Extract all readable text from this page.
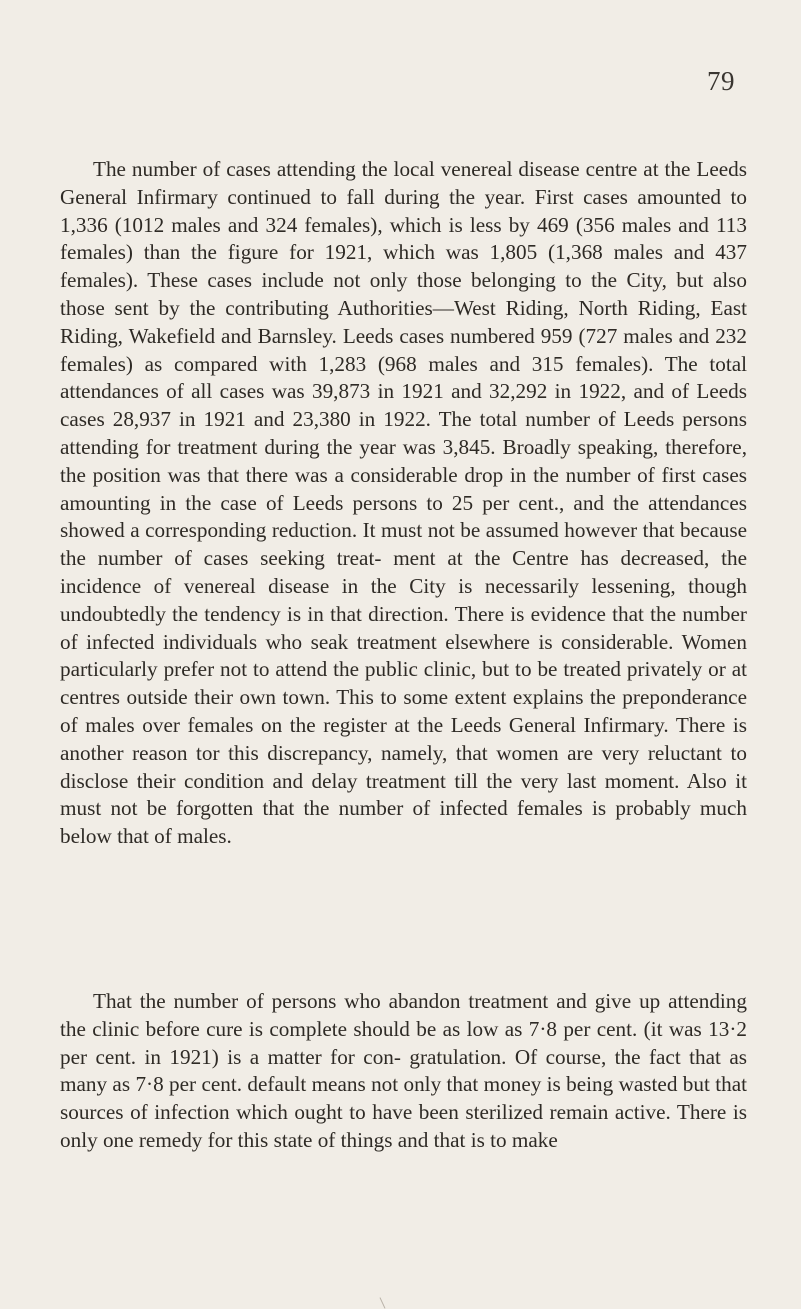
79

The number of cases attending the local venereal disease centre at the Leeds General Infirmary continued to fall during the year. First cases amounted to 1,336 (1012 males and 324 females), which is less by 469 (356 males and 113 females) than the figure for 1921, which was 1,805 (1,368 males and 437 females). These cases include not only those belonging to the City, but also those sent by the contributing Authorities—West Riding, North Riding, East Riding, Wakefield and Barnsley. Leeds cases numbered 959 (727 males and 232 females) as compared with 1,283 (968 males and 315 females). The total attendances of all cases was 39,873 in 1921 and 32,292 in 1922, and of Leeds cases 28,937 in 1921 and 23,380 in 1922. The total number of Leeds persons attending for treatment during the year was 3,845. Broadly speaking, therefore, the position was that there was a considerable drop in the number of first cases amounting in the case of Leeds persons to 25 per cent., and the attendances showed a corresponding reduction. It must not be assumed however that because the number of cases seeking treat- ment at the Centre has decreased, the incidence of venereal disease in the City is necessarily lessening, though undoubtedly the tendency is in that direction. There is evidence that the number of infected individuals who seak treatment elsewhere is considerable. Women particularly prefer not to attend the public clinic, but to be treated privately or at centres outside their own town. This to some extent explains the preponderance of males over females on the register at the Leeds General Infirmary. There is another reason tor this discrepancy, namely, that women are very reluctant to disclose their condition and delay treatment till the very last moment. Also it must not be forgotten that the number of infected females is probably much below that of males.

That the number of persons who abandon treatment and give up attending the clinic before cure is complete should be as low as 7·8 per cent. (it was 13·2 per cent. in 1921) is a matter for con- gratulation. Of course, the fact that as many as 7·8 per cent. default means not only that money is being wasted but that sources of infection which ought to have been sterilized remain active. There is only one remedy for this state of things and that is to make
